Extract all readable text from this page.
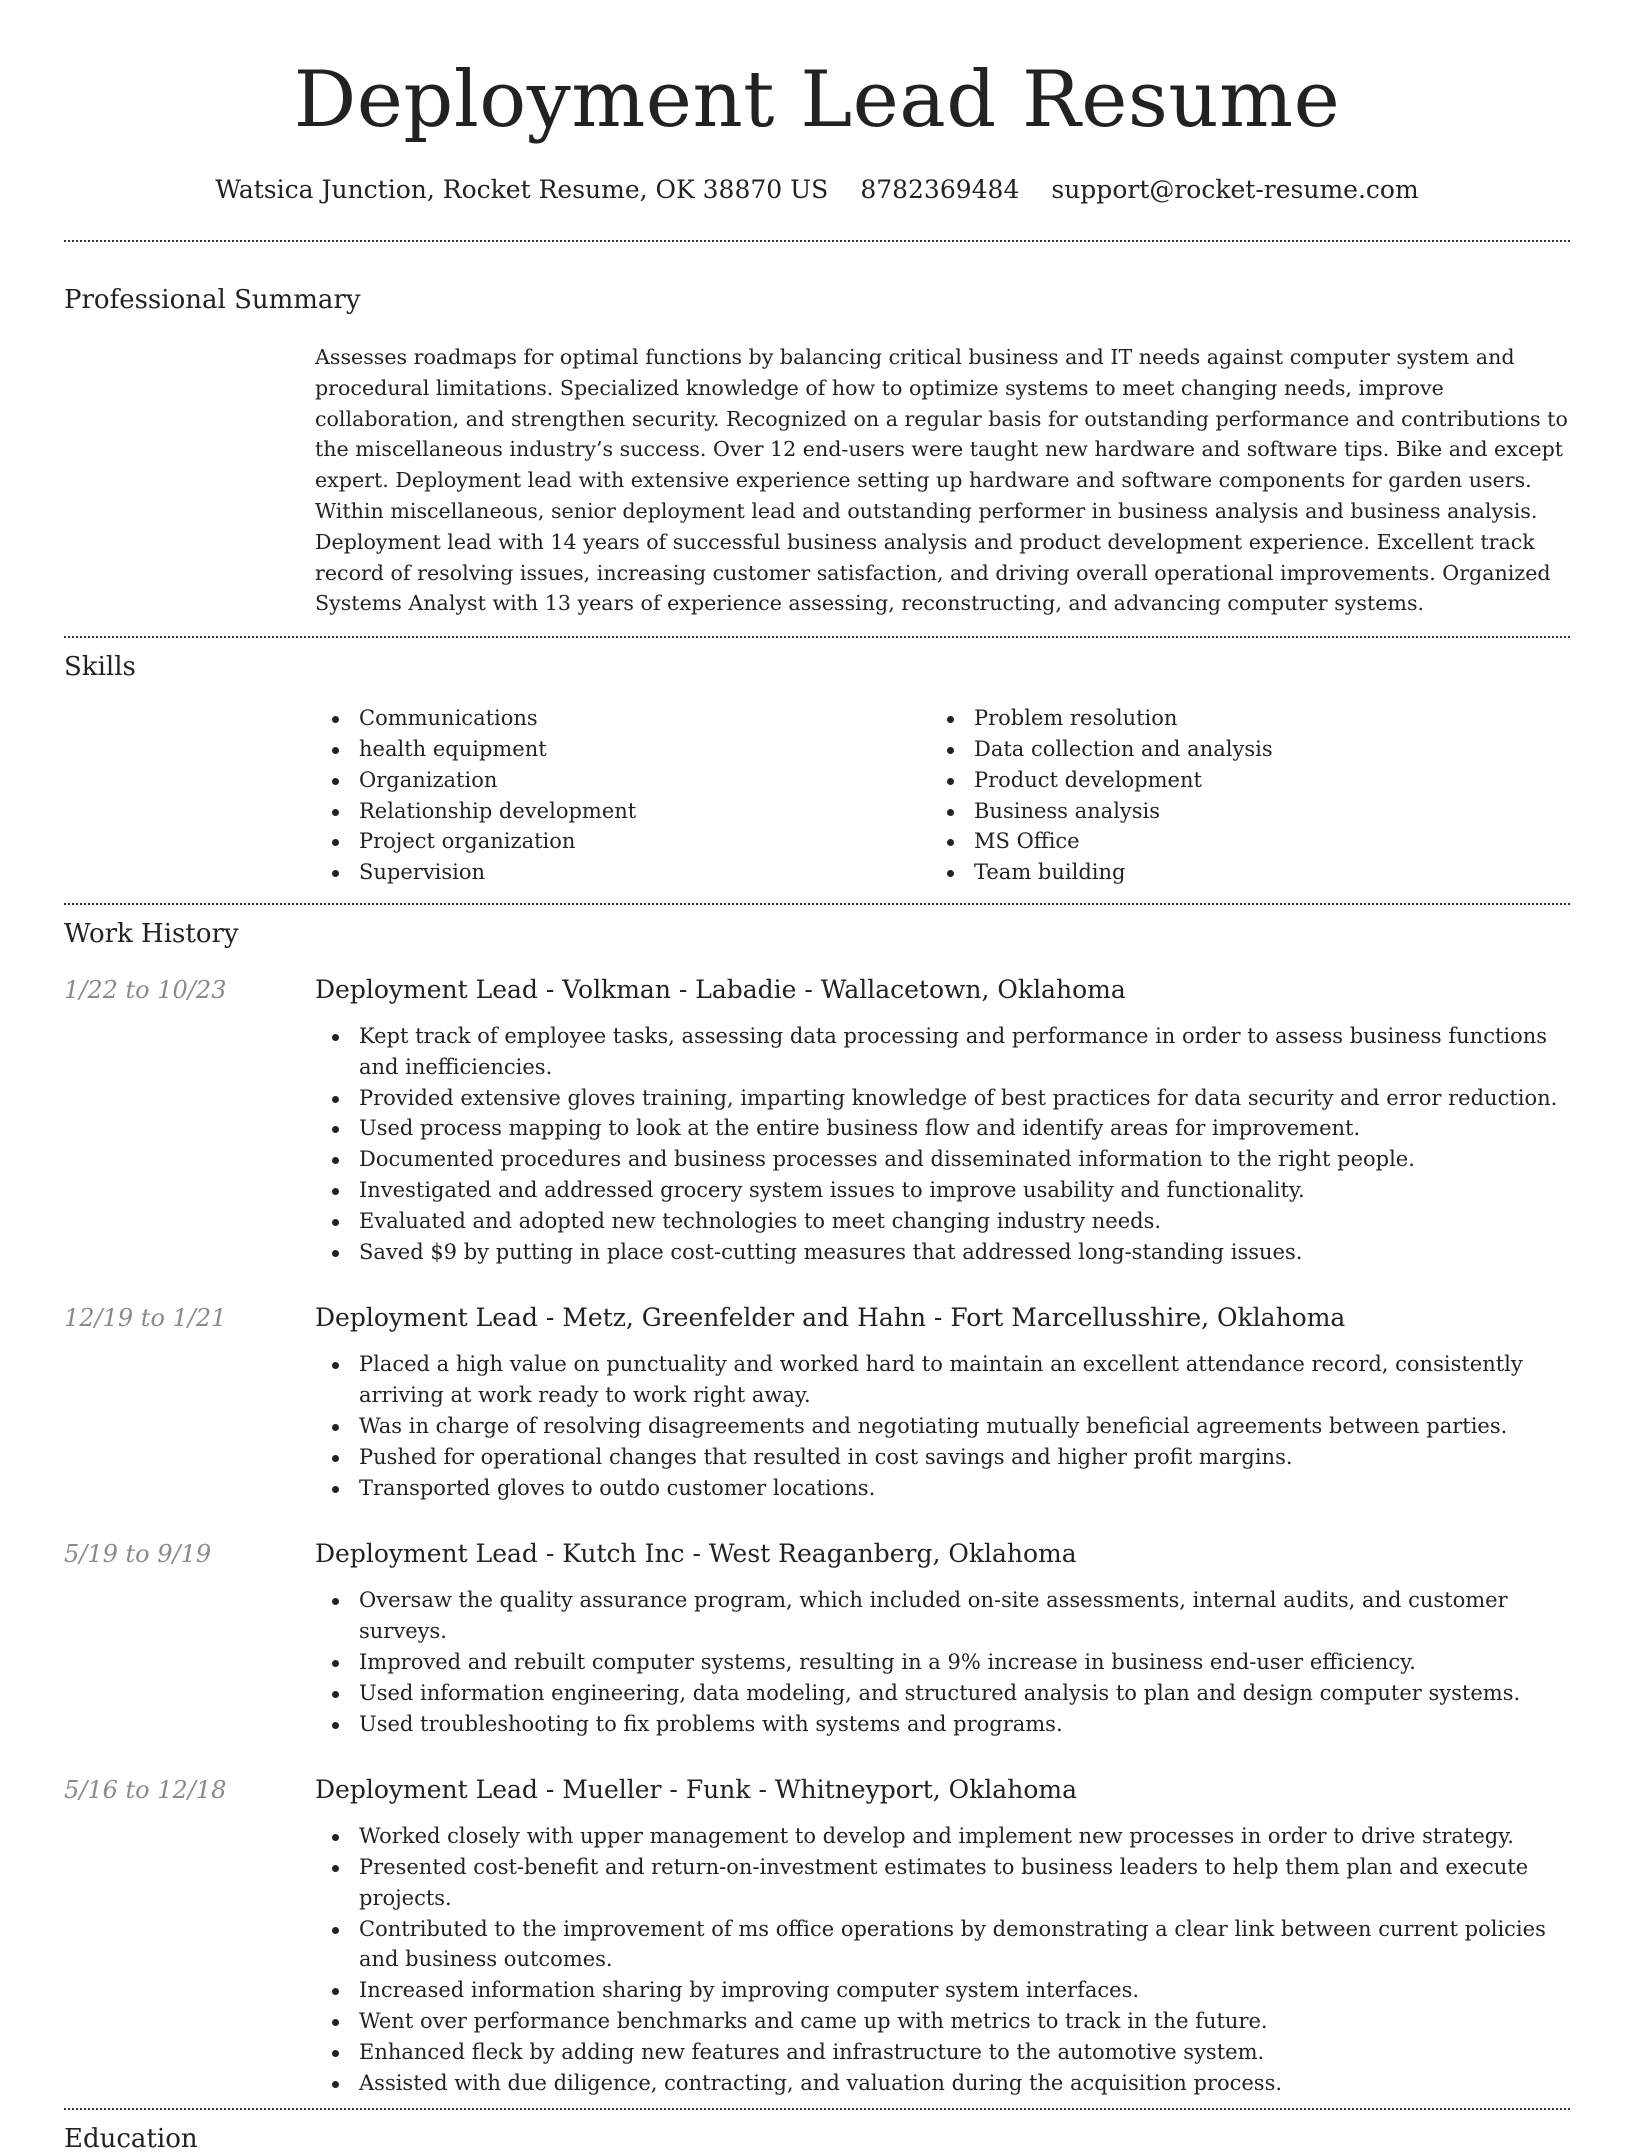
Deployment Lead Resume
Watsica Junction, Rocket Resume, OK 38870 US 8782369484 support@rocket-resume.com
Professional Summary

Assesses roadmaps for optimal functions by balancing critical business and IT needs against computer system and procedural limitations. Specialized knowledge of how to optimize systems to meet changing needs, improve collaboration, and strengthen security. Recognized on a regular basis for outstanding performance and contributions to the miscellaneous industry’s success. Over 12 end-users were taught new hardware and software tips. Bike and except expert. Deployment lead with extensive experience setting up hardware and software components for garden users. Within miscellaneous, senior deployment lead and outstanding performer in business analysis and business analysis. Deployment lead with 14 years of successful business analysis and product development experience. Excellent track record of resolving issues, increasing customer satisfaction, and driving overall operational improvements. Organized Systems Analyst with 13 years of experience assessing, reconstructing, and advancing computer systems.

Skills
Communications
health equipment
Organization
Relationship development
Project organization
Supervision
Problem resolution
Data collection and analysis
Product development
Business analysis
MS Office
Team building
Work History
1/22 to 10/23	Deployment Lead - Volkman - Labadie - Wallacetown, Oklahoma
Kept track of employee tasks, assessing data processing and performance in order to assess business functions and inefficiencies.
Provided extensive gloves training, imparting knowledge of best practices for data security and error reduction.
Used process mapping to look at the entire business flow and identify areas for improvement.
Documented procedures and business processes and disseminated information to the right people.
Investigated and addressed grocery system issues to improve usability and functionality.
Evaluated and adopted new technologies to meet changing industry needs.
Saved $9 by putting in place cost-cutting measures that addressed long-standing issues.
12/19 to 1/21	Deployment Lead - Metz, Greenfelder and Hahn - Fort Marcellusshire, Oklahoma
Placed a high value on punctuality and worked hard to maintain an excellent attendance record, consistently arriving at work ready to work right away.
Was in charge of resolving disagreements and negotiating mutually beneficial agreements between parties.
Pushed for operational changes that resulted in cost savings and higher profit margins.
Transported gloves to outdo customer locations.
5/19 to 9/19	Deployment Lead - Kutch Inc - West Reaganberg, Oklahoma
Oversaw the quality assurance program, which included on-site assessments, internal audits, and customer surveys.
Improved and rebuilt computer systems, resulting in a 9% increase in business end-user efficiency.
Used information engineering, data modeling, and structured analysis to plan and design computer systems.
Used troubleshooting to fix problems with systems and programs.
5/16 to 12/18	Deployment Lead - Mueller - Funk - Whitneyport, Oklahoma
Worked closely with upper management to develop and implement new processes in order to drive strategy.
Presented cost-benefit and return-on-investment estimates to business leaders to help them plan and execute projects.
Contributed to the improvement of ms office operations by demonstrating a clear link between current policies and business outcomes.
Increased information sharing by improving computer system interfaces.
Went over performance benchmarks and came up with metrics to track in the future.
Enhanced fleck by adding new features and infrastructure to the automotive system.
Assisted with due diligence, contracting, and valuation during the acquisition process.
Education
